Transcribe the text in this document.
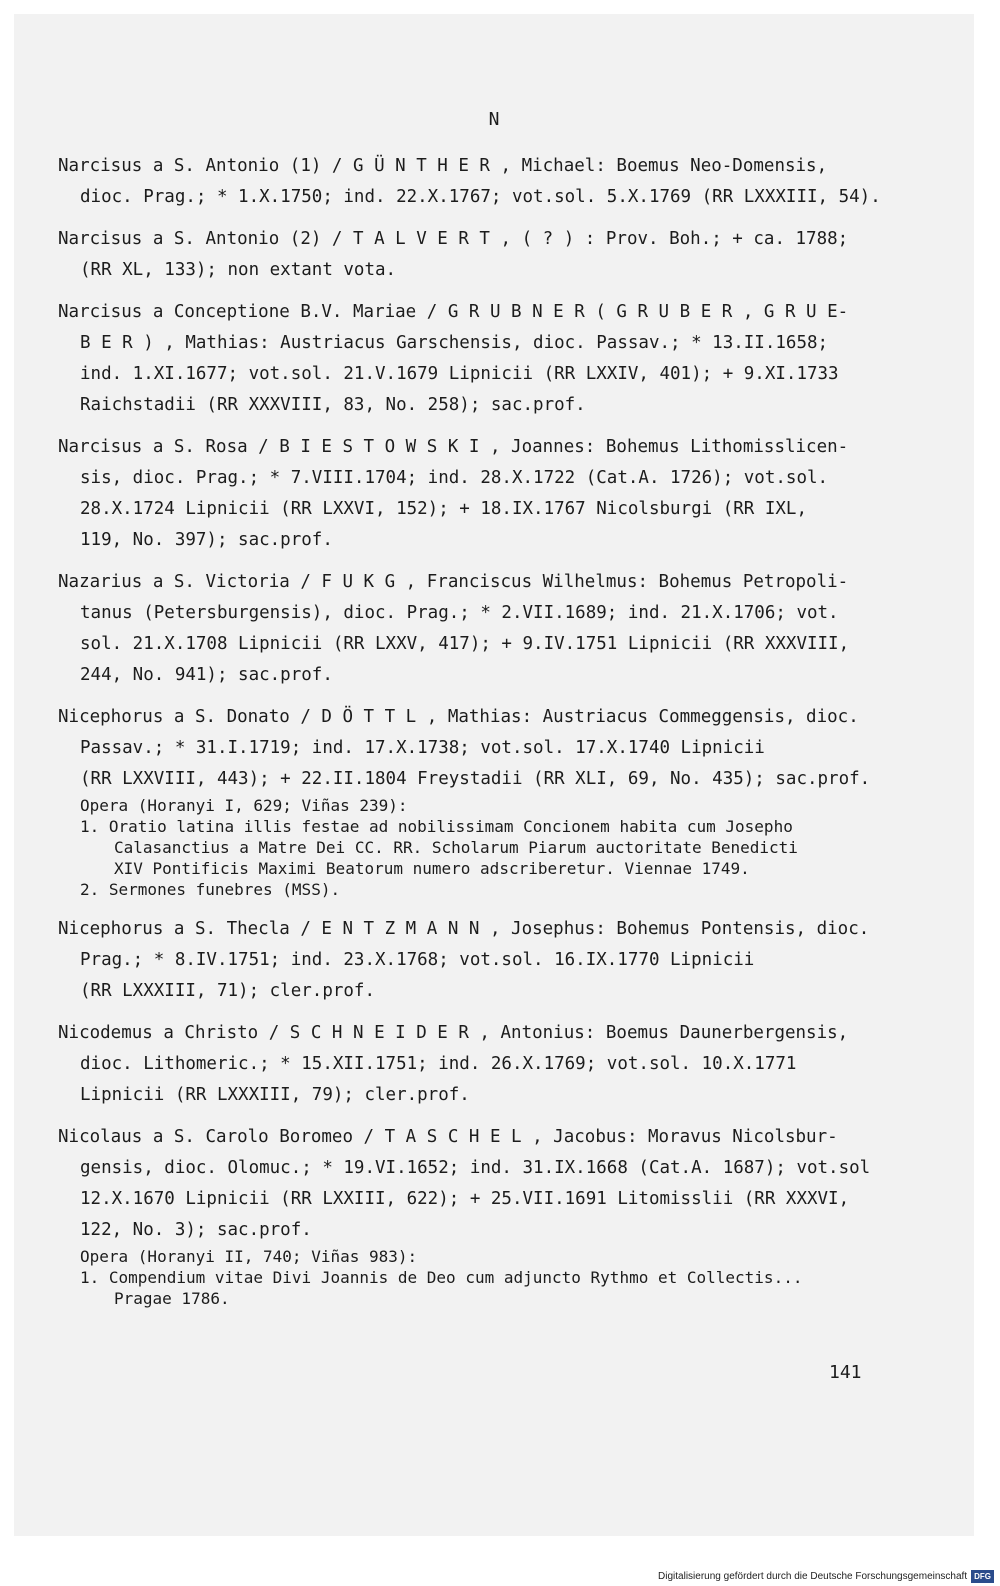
N
Narcisus a S. Antonio (1) / G Ü N T H E R , Michael: Boemus Neo-Domensis,
dioc. Prag.; * 1.X.1750; ind. 22.X.1767; vot.sol. 5.X.1769 (RR LXXXIII, 54).
Narcisus a S. Antonio (2) / T A L V E R T , ( ? ) : Prov. Boh.; + ca. 1788;
(RR XL, 133); non extant vota.
Narcisus a Conceptione B.V. Mariae / G R U B N E R ( G R U B E R , G R U E-
B E R ) , Mathias: Austriacus Garschensis, dioc. Passav.; * 13.II.1658;
ind. 1.XI.1677; vot.sol. 21.V.1679 Lipnicii (RR LXXIV, 401); + 9.XI.1733
Raichstadii (RR XXXVIII, 83, No. 258); sac.prof.
Narcisus a S. Rosa / B I E S T O W S K I , Joannes: Bohemus Lithomisslicen-
sis, dioc. Prag.; * 7.VIII.1704; ind. 28.X.1722 (Cat.A. 1726); vot.sol.
28.X.1724 Lipnicii (RR LXXVI, 152); + 18.IX.1767 Nicolsburgi (RR IXL,
119, No. 397); sac.prof.
Nazarius a S. Victoria / F U K G , Franciscus Wilhelmus: Bohemus Petropoli-
tanus (Petersburgensis), dioc. Prag.; * 2.VII.1689; ind. 21.X.1706; vot.
sol. 21.X.1708 Lipnicii (RR LXXV, 417); + 9.IV.1751 Lipnicii (RR XXXVIII,
244, No. 941); sac.prof.
Nicephorus a S. Donato / D Ö T T L , Mathias: Austriacus Commeggensis, dioc.
Passav.; * 31.I.1719; ind. 17.X.1738; vot.sol. 17.X.1740 Lipnicii
(RR LXXVIII, 443); + 22.II.1804 Freystadii (RR XLI, 69, No. 435); sac.prof.
Opera (Horanyi I, 629; Viñas 239):
1. Oratio latina illis festae ad nobilissimam Concionem habita cum Josepho
Calasanctius a Matre Dei CC. RR. Scholarum Piarum auctoritate Benedicti
XIV Pontificis Maximi Beatorum numero adscriberetur. Viennae 1749.
2. Sermones funebres (MSS).
Nicephorus a S. Thecla / E N T Z M A N N , Josephus: Bohemus Pontensis, dioc.
Prag.; * 8.IV.1751; ind. 23.X.1768; vot.sol. 16.IX.1770 Lipnicii
(RR LXXXIII, 71); cler.prof.
Nicodemus a Christo / S C H N E I D E R , Antonius: Boemus Daunerbergensis,
dioc. Lithomeric.; * 15.XII.1751; ind. 26.X.1769; vot.sol. 10.X.1771
Lipnicii (RR LXXXIII, 79); cler.prof.
Nicolaus a S. Carolo Boromeo / T A S C H E L , Jacobus: Moravus Nicolsbur-
gensis, dioc. Olomuc.; * 19.VI.1652; ind. 31.IX.1668 (Cat.A. 1687); vot.sol
12.X.1670 Lipnicii (RR LXXIII, 622); + 25.VII.1691 Litomisslii (RR XXXVI,
122, No. 3); sac.prof.
Opera (Horanyi II, 740; Viñas 983):
1. Compendium vitae Divi Joannis de Deo cum adjuncto Rythmo et Collectis...
Pragae 1786.
141
Digitalisierung gefördert durch die Deutsche Forschungsgemeinschaft DFG
